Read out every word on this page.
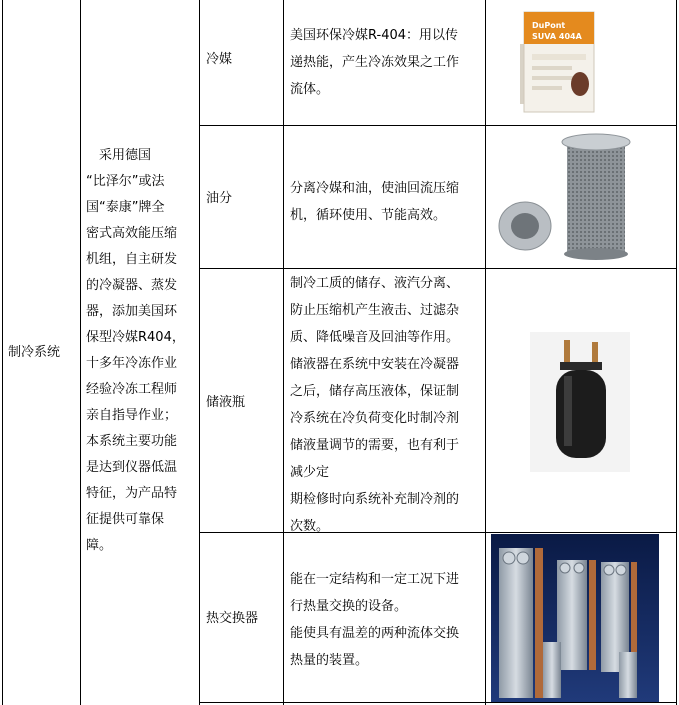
制冷系统

　采用德国

“比泽尔”或法

国“泰康”牌全

密式高效能压缩

机组，自主研发

的冷凝器、蒸发

器，添加美国环

保型冷媒R404，

十多年冷冻作业

经验冷冻工程师

亲自指导作业；

本系统主要功能

是达到仪器低温

特征，为产品特

征提供可靠保

障。

冷媒

美国环保冷媒R-404：用以传

递热能，产生冷冻效果之工作

流体。

DuPont
SUVA 404A
油分

分离冷媒和油，使油回流压缩

机，循环使用、节能高效。

储液瓶

制冷工质的储存、液汽分离、

防止压缩机产生液击、过滤杂

质、降低噪音及回油等作用。

储液器在系统中安装在冷凝器

之后，储存高压液体，保证制

冷系统在冷负荷变化时制冷剂

储液量调节的需要，也有利于

减少定

期检修时向系统补充制冷剂的

次数。

热交换器

能在一定结构和一定工况下进

行热量交换的设备。

能使具有温差的两种流体交换

热量的装置。
